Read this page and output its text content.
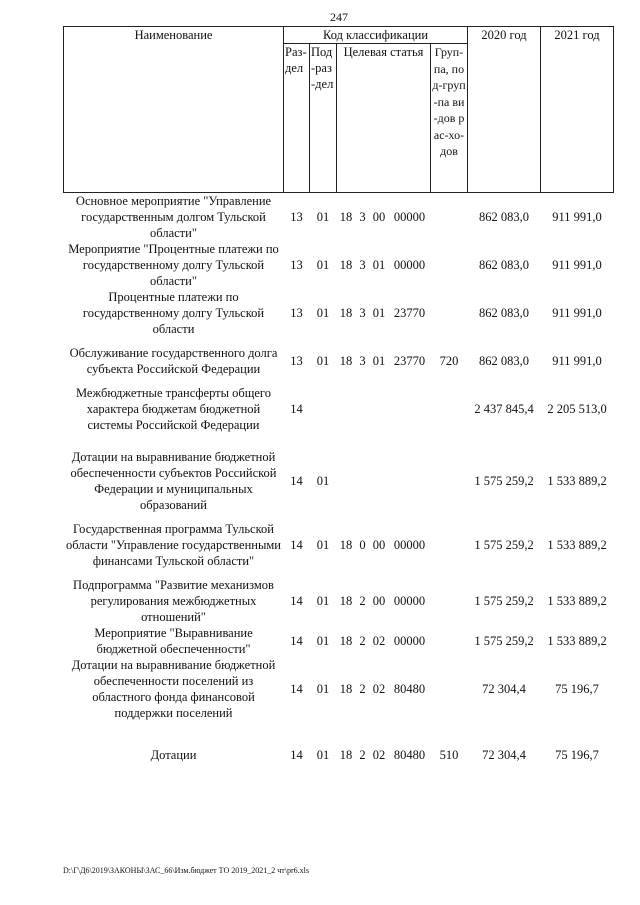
247
Наименование	Код классификации							2020 год	2021 год
	Раз-дел	Под-раз-дел	Целевая статья				Груп-па, под-груп-па ви-дов рас-хо-дов		
Основное мероприятие "Управление государственным долгом Тульской области"	13	01	18	3	00	00000		862 083,0	911 991,0
Мероприятие "Процентные платежи по государственному долгу Тульской области"	13	01	18	3	01	00000		862 083,0	911 991,0
Процентные платежи по государственному долгу Тульской области	13	01	18	3	01	23770		862 083,0	911 991,0
Обслуживание государственного долга субъекта Российской Федерации	13	01	18	3	01	23770	720	862 083,0	911 991,0
Межбюджетные трансферты общего характера бюджетам бюджетной системы Российской Федерации	14							2 437 845,4	2 205 513,0
Дотации на выравнивание бюджетной обеспеченности субъектов Российской Федерации и муниципальных образований	14	01						1 575 259,2	1 533 889,2
Государственная программа Тульской области "Управление государственными финансами Тульской области"	14	01	18	0	00	00000		1 575 259,2	1 533 889,2
Подпрограмма "Развитие механизмов регулирования межбюджетных отношений"	14	01	18	2	00	00000		1 575 259,2	1 533 889,2
Мероприятие "Выравнивание бюджетной обеспеченности"	14	01	18	2	02	00000		1 575 259,2	1 533 889,2
Дотации на выравнивание бюджетной обеспеченности поселений из областного фонда финансовой поддержки поселений	14	01	18	2	02	80480		72 304,4	75 196,7
Дотации	14	01	18	2	02	80480	510	72 304,4	75 196,7
D:\Г\Д6\2019\ЗАКОНЫ\ЗАС_66\Изм.бюджет ТО 2019_2021_2 чт\pr6.xls
